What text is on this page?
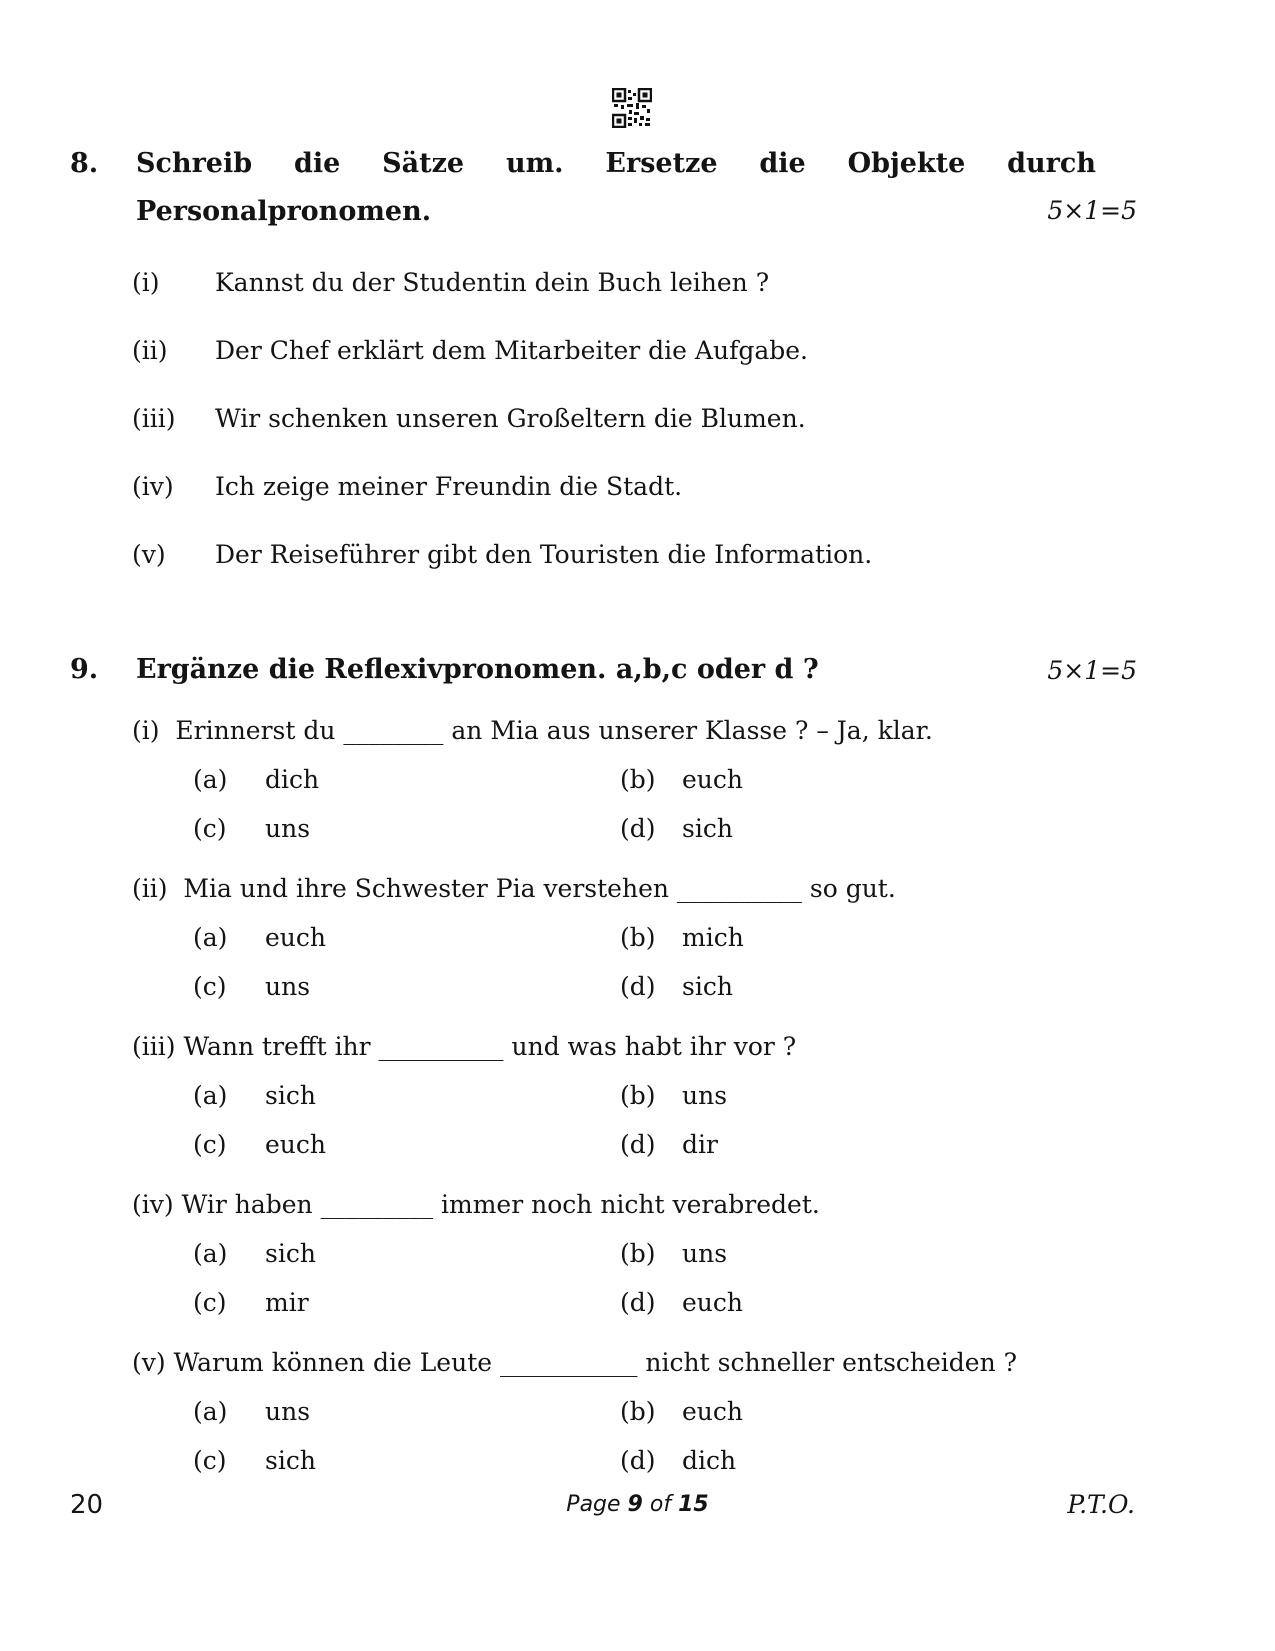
8. Schreib die Sätze um. Ersetze die Objekte durch
Personalpronomen.	5×1=5
(i) Kannst du der Studentin dein Buch leihen ?
(ii) Der Chef erklärt dem Mitarbeiter die Aufgabe.
(iii) Wir schenken unseren Großeltern die Blumen.
(iv) Ich zeige meiner Freundin die Stadt.
(v) Der Reiseführer gibt den Touristen die Information.
9. Ergänze die Reflexivpronomen. a,b,c oder d ?	5×1=5
(i)  Erinnerst du ________ an Mia aus unserer Klasse ? – Ja, klar.
(a) dich	(b) euch
(c) uns	(d) sich
(ii)  Mia und ihre Schwester Pia verstehen __________ so gut.
(a) euch	(b) mich
(c) uns	(d) sich
(iii) Wann trefft ihr __________ und was habt ihr vor ?
(a) sich	(b) uns
(c) euch	(d) dir
(iv) Wir haben _________ immer noch nicht verabredet.
(a) sich	(b) uns
(c) mir	(d) euch
(v) Warum können die Leute ___________ nicht schneller entscheiden ?
(a) uns	(b) euch
(c) sich	(d) dich
20	Page 9 of 15	P.T.O.
